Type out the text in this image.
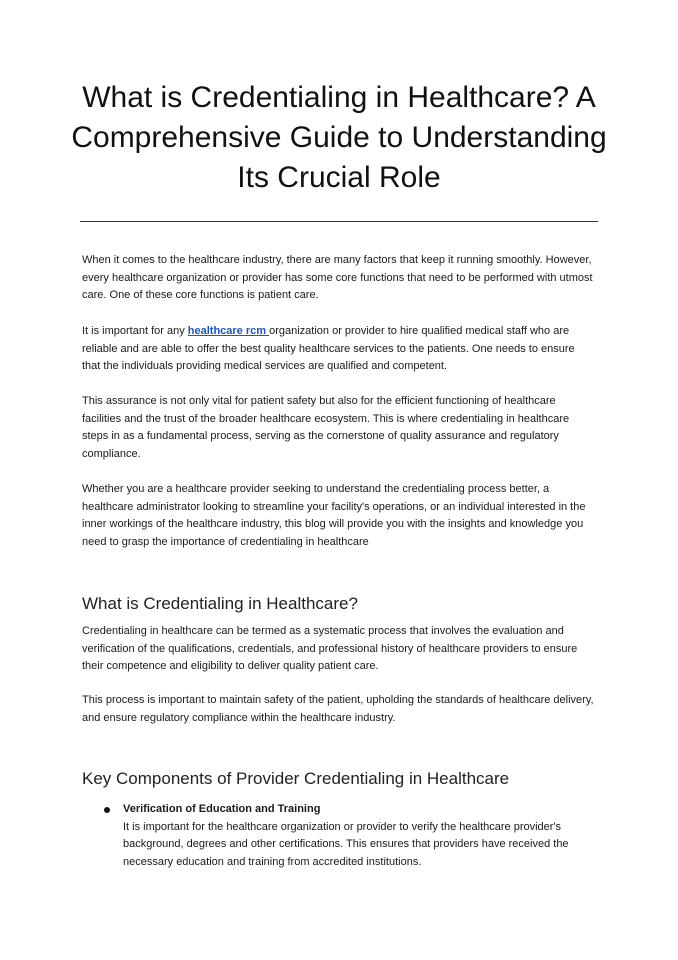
What is Credentialing in Healthcare? A Comprehensive Guide to Understanding Its Crucial Role

When it comes to the healthcare industry, there are many factors that keep it running smoothly. However, every healthcare organization or provider has some core functions that need to be performed with utmost care. One of these core functions is patient care.

It is important for any healthcare rcm organization or provider to hire qualified medical staff who are reliable and are able to offer the best quality healthcare services to the patients. One needs to ensure that the individuals providing medical services are qualified and competent.

This assurance is not only vital for patient safety but also for the efficient functioning of healthcare facilities and the trust of the broader healthcare ecosystem. This is where credentialing in healthcare steps in as a fundamental process, serving as the cornerstone of quality assurance and regulatory compliance.

Whether you are a healthcare provider seeking to understand the credentialing process better, a healthcare administrator looking to streamline your facility's operations, or an individual interested in the inner workings of the healthcare industry, this blog will provide you with the insights and knowledge you need to grasp the importance of credentialing in healthcare

What is Credentialing in Healthcare?

Credentialing in healthcare can be termed as a systematic process that involves the evaluation and verification of the qualifications, credentials, and professional history of healthcare providers to ensure their competence and eligibility to deliver quality patient care.

This process is important to maintain safety of the patient, upholding the standards of healthcare delivery, and ensure regulatory compliance within the healthcare industry.

Key Components of Provider Credentialing in Healthcare
Verification of Education and Training
It is important for the healthcare organization or provider to verify the healthcare provider's background, degrees and other certifications. This ensures that providers have received the necessary education and training from accredited institutions.
